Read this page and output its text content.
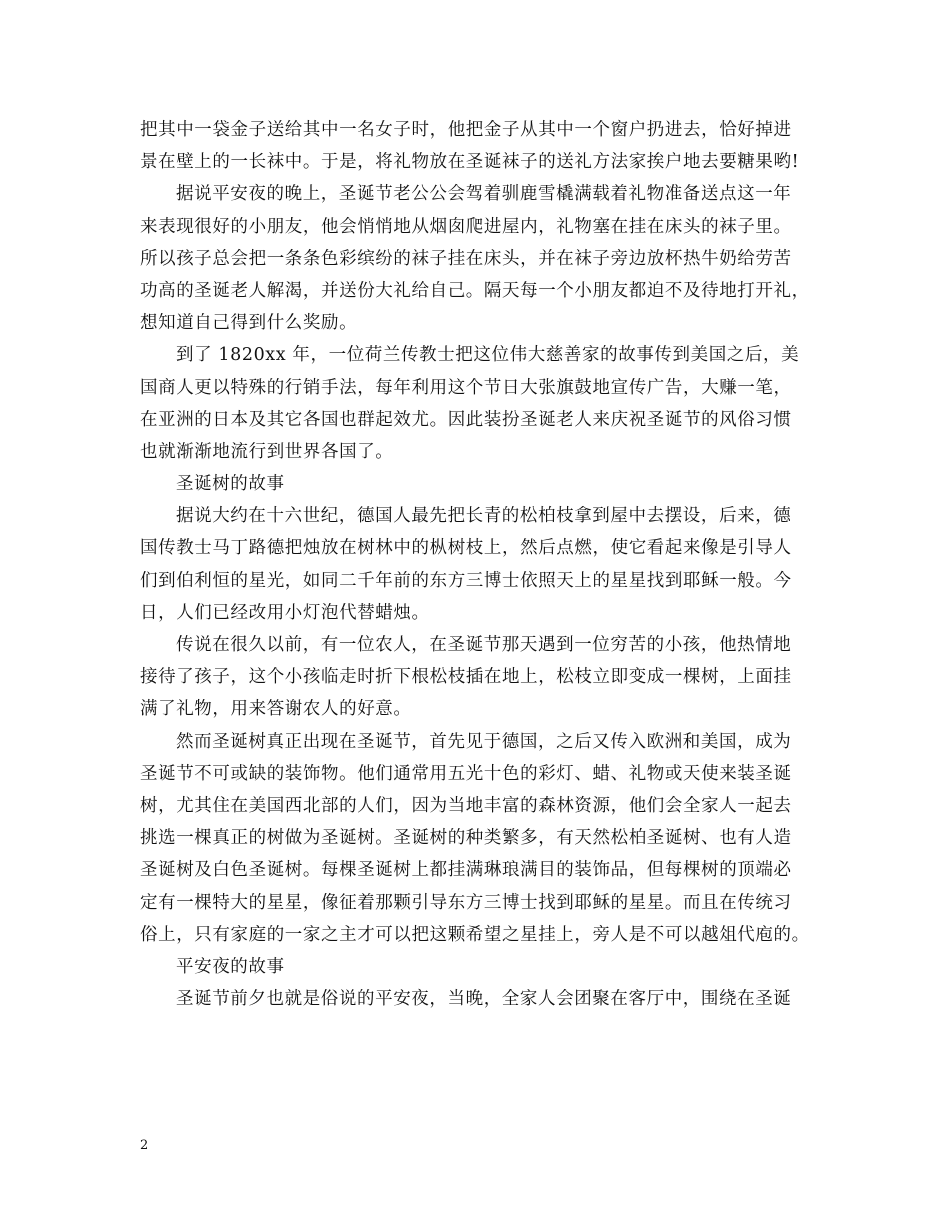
把其中一袋金子送给其中一名女子时，他把金子从其中一个窗户扔进去，恰好掉进
景在壁上的一长袜中。于是，将礼物放在圣诞袜子的送礼方法家挨户地去要糖果哟!
据说平安夜的晚上，圣诞节老公公会驾着驯鹿雪橇满载着礼物准备送点这一年
来表现很好的小朋友，他会悄悄地从烟囱爬进屋内，礼物塞在挂在床头的袜子里。
所以孩子总会把一条条色彩缤纷的袜子挂在床头，并在袜子旁边放杯热牛奶给劳苦
功高的圣诞老人解渴，并送份大礼给自己。隔天每一个小朋友都迫不及待地打开礼，
想知道自己得到什么奖励。
到了 1820xx 年，一位荷兰传教士把这位伟大慈善家的故事传到美国之后，美
国商人更以特殊的行销手法，每年利用这个节日大张旗鼓地宣传广告，大赚一笔，
在亚洲的日本及其它各国也群起效尤。因此装扮圣诞老人来庆祝圣诞节的风俗习惯
也就渐渐地流行到世界各国了。
圣诞树的故事
据说大约在十六世纪，德国人最先把长青的松柏枝拿到屋中去摆设，后来，德
国传教士马丁路德把烛放在树林中的枞树枝上，然后点燃，使它看起来像是引导人
们到伯利恒的星光，如同二千年前的东方三博士依照天上的星星找到耶稣一般。今
日，人们已经改用小灯泡代替蜡烛。
传说在很久以前，有一位农人，在圣诞节那天遇到一位穷苦的小孩，他热情地
接待了孩子，这个小孩临走时折下根松枝插在地上，松枝立即变成一棵树，上面挂
满了礼物，用来答谢农人的好意。
然而圣诞树真正出现在圣诞节，首先见于德国，之后又传入欧洲和美国，成为
圣诞节不可或缺的装饰物。他们通常用五光十色的彩灯、蜡、礼物或天使来装圣诞
树，尤其住在美国西北部的人们，因为当地丰富的森林资源，他们会全家人一起去
挑选一棵真正的树做为圣诞树。圣诞树的种类繁多，有天然松柏圣诞树、也有人造
圣诞树及白色圣诞树。每棵圣诞树上都挂满琳琅满目的装饰品，但每棵树的顶端必
定有一棵特大的星星，像征着那颗引导东方三博士找到耶稣的星星。而且在传统习
俗上，只有家庭的一家之主才可以把这颗希望之星挂上，旁人是不可以越俎代庖的。
平安夜的故事
圣诞节前夕也就是俗说的平安夜，当晚，全家人会团聚在客厅中，围绕在圣诞
2
